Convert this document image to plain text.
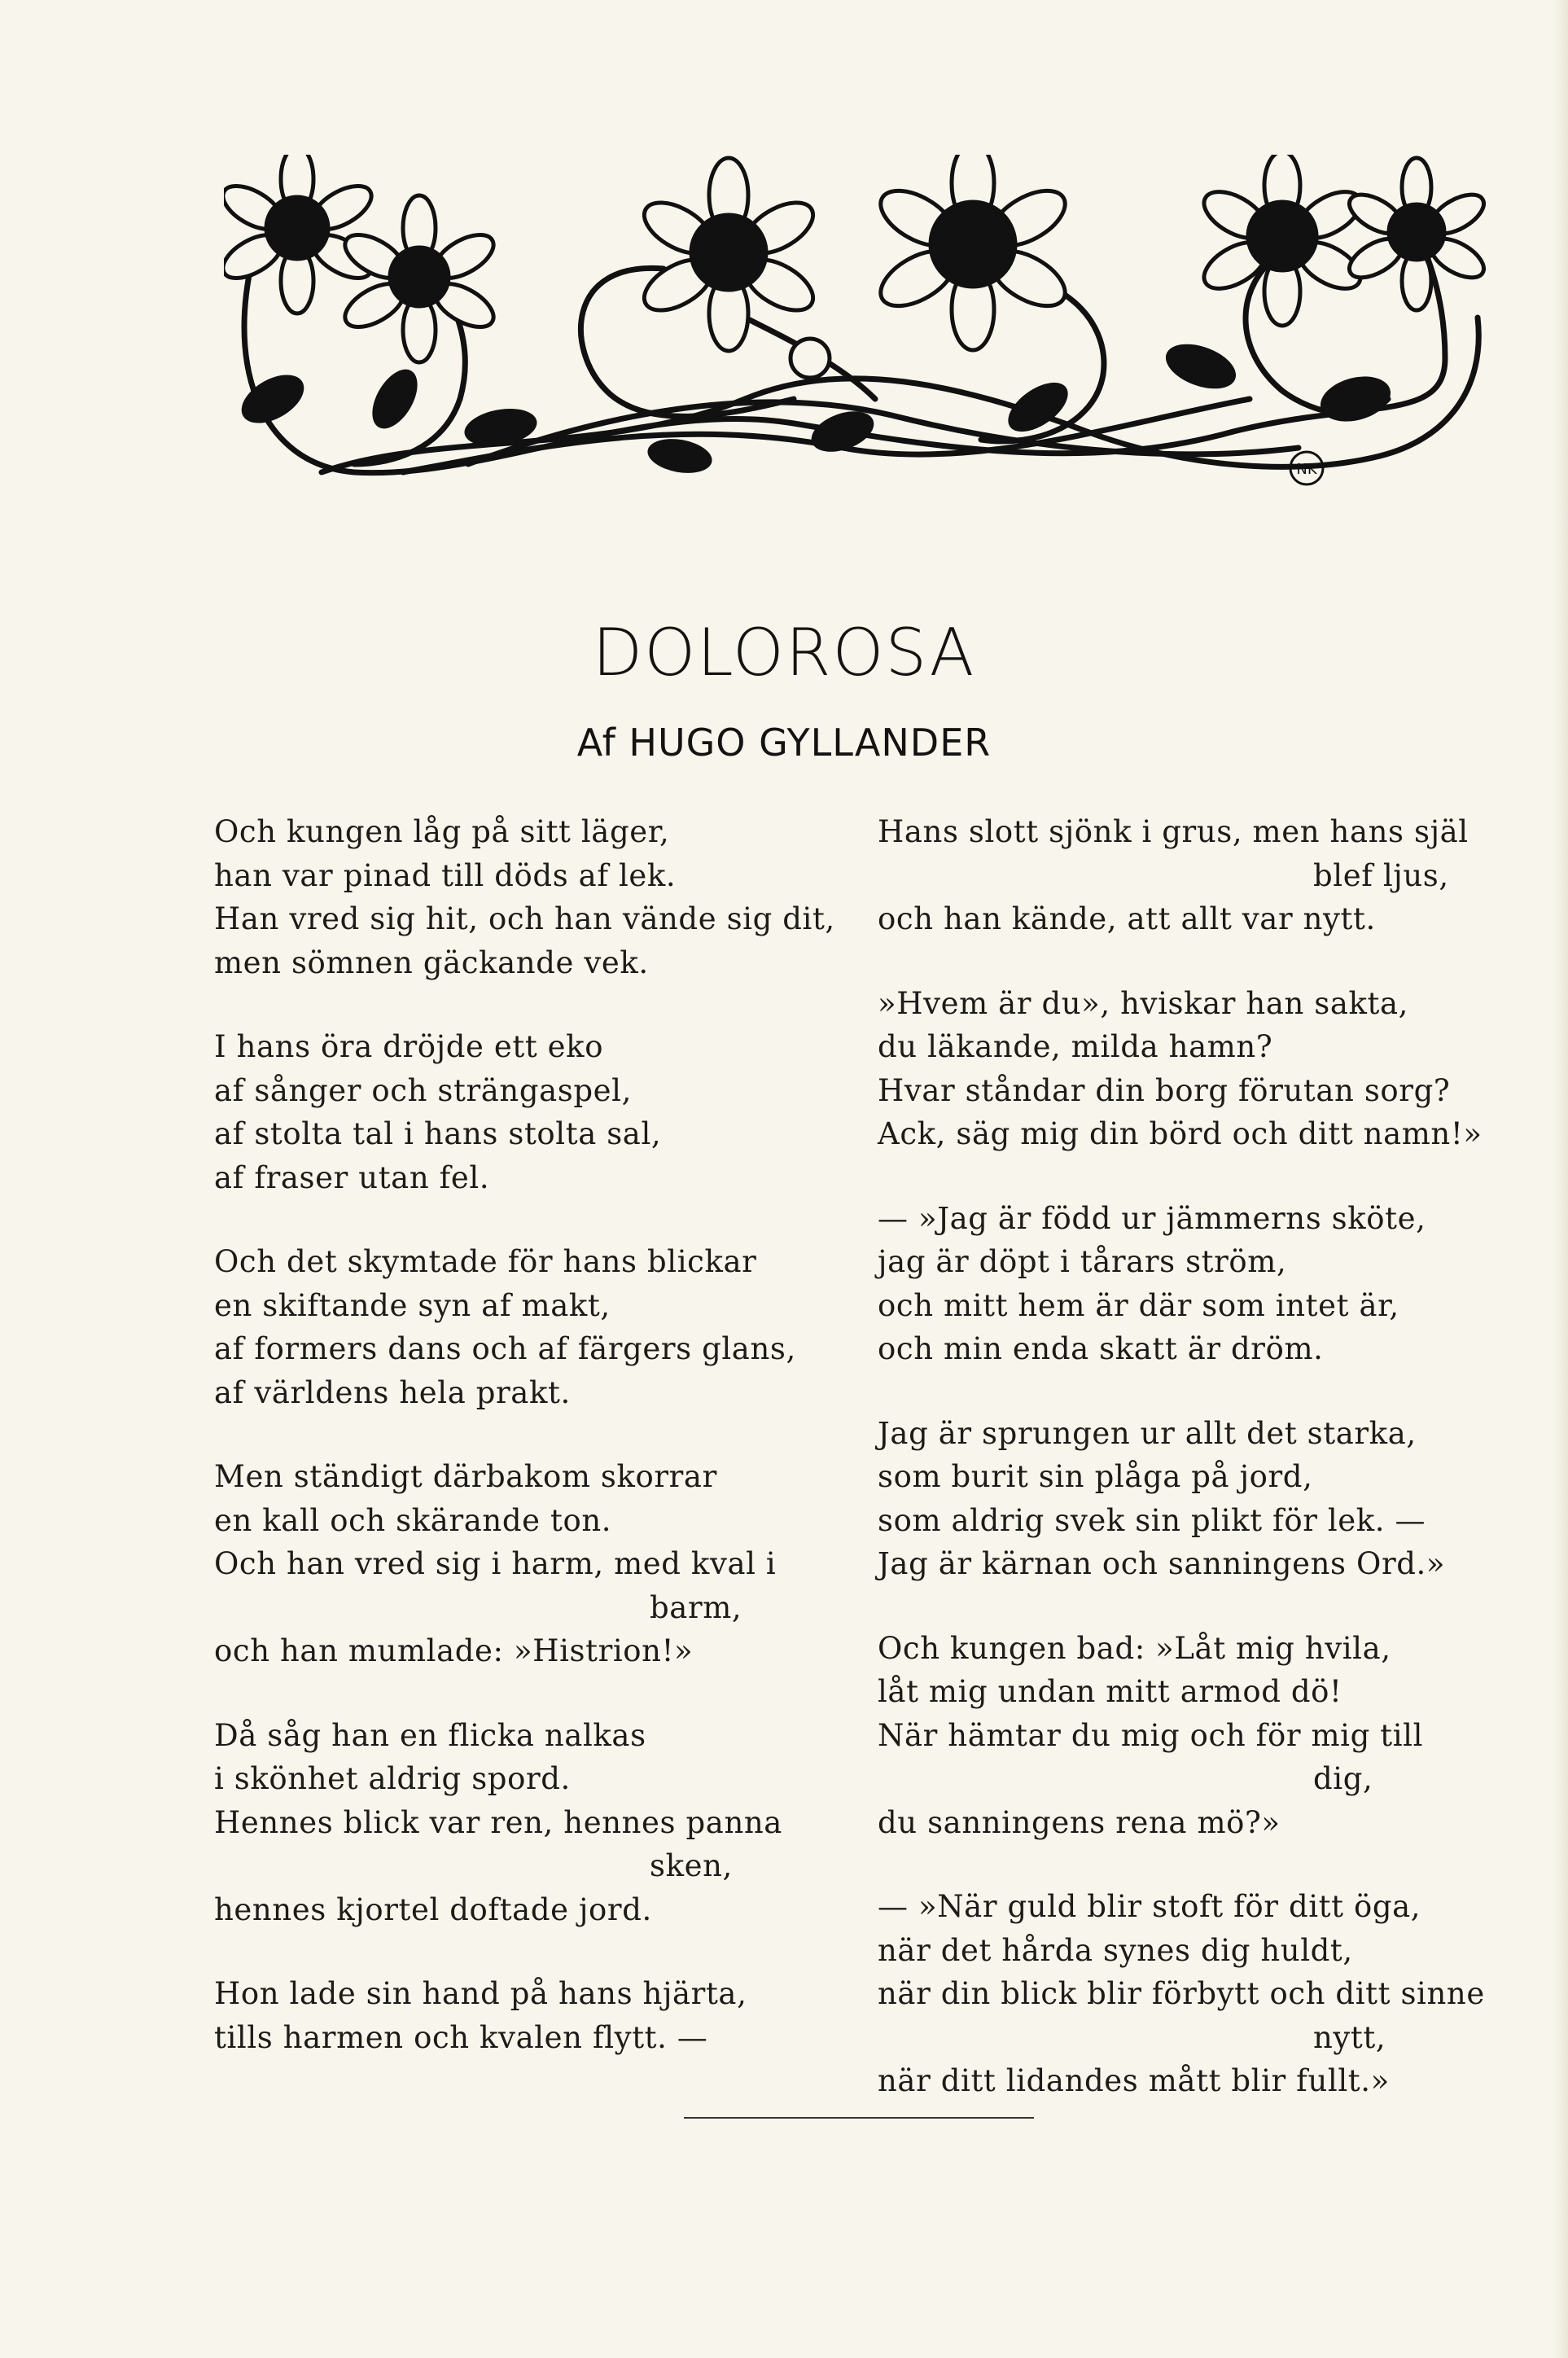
NK
DOLOROSA
Af HUGO GYLLANDER
Och kungen låg på sitt läger,
han var pinad till döds af lek.
Han vred sig hit, och han vände sig dit,
men sömnen gäckande vek.
I hans öra dröjde ett eko
af sånger och strängaspel,
af stolta tal i hans stolta sal,
af fraser utan fel.
Och det skymtade för hans blickar
en skiftande syn af makt,
af formers dans och af färgers glans,
af världens hela prakt.
Men ständigt därbakom skorrar
en kall och skärande ton.
Och han vred sig i harm, med kval i
barm,
och han mumlade: »Histrion!»
Då såg han en flicka nalkas
i skönhet aldrig spord.
Hennes blick var ren, hennes panna
sken,
hennes kjortel doftade jord.
Hon lade sin hand på hans hjärta,
tills harmen och kvalen flytt. —
Hans slott sjönk i grus, men hans själ
blef ljus,
och han kände, att allt var nytt.
»Hvem är du», hviskar han sakta,
du läkande, milda hamn?
Hvar ståndar din borg förutan sorg?
Ack, säg mig din börd och ditt namn!»
— »Jag är född ur jämmerns sköte,
jag är döpt i tårars ström,
och mitt hem är där som intet är,
och min enda skatt är dröm.
Jag är sprungen ur allt det starka,
som burit sin plåga på jord,
som aldrig svek sin plikt för lek. —
Jag är kärnan och sanningens Ord.»
Och kungen bad: »Låt mig hvila,
låt mig undan mitt armod dö!
När hämtar du mig och för mig till
dig,
du sanningens rena mö?»
— »När guld blir stoft för ditt öga,
när det hårda synes dig huldt,
när din blick blir förbytt och ditt sinne
nytt,
när ditt lidandes mått blir fullt.»
